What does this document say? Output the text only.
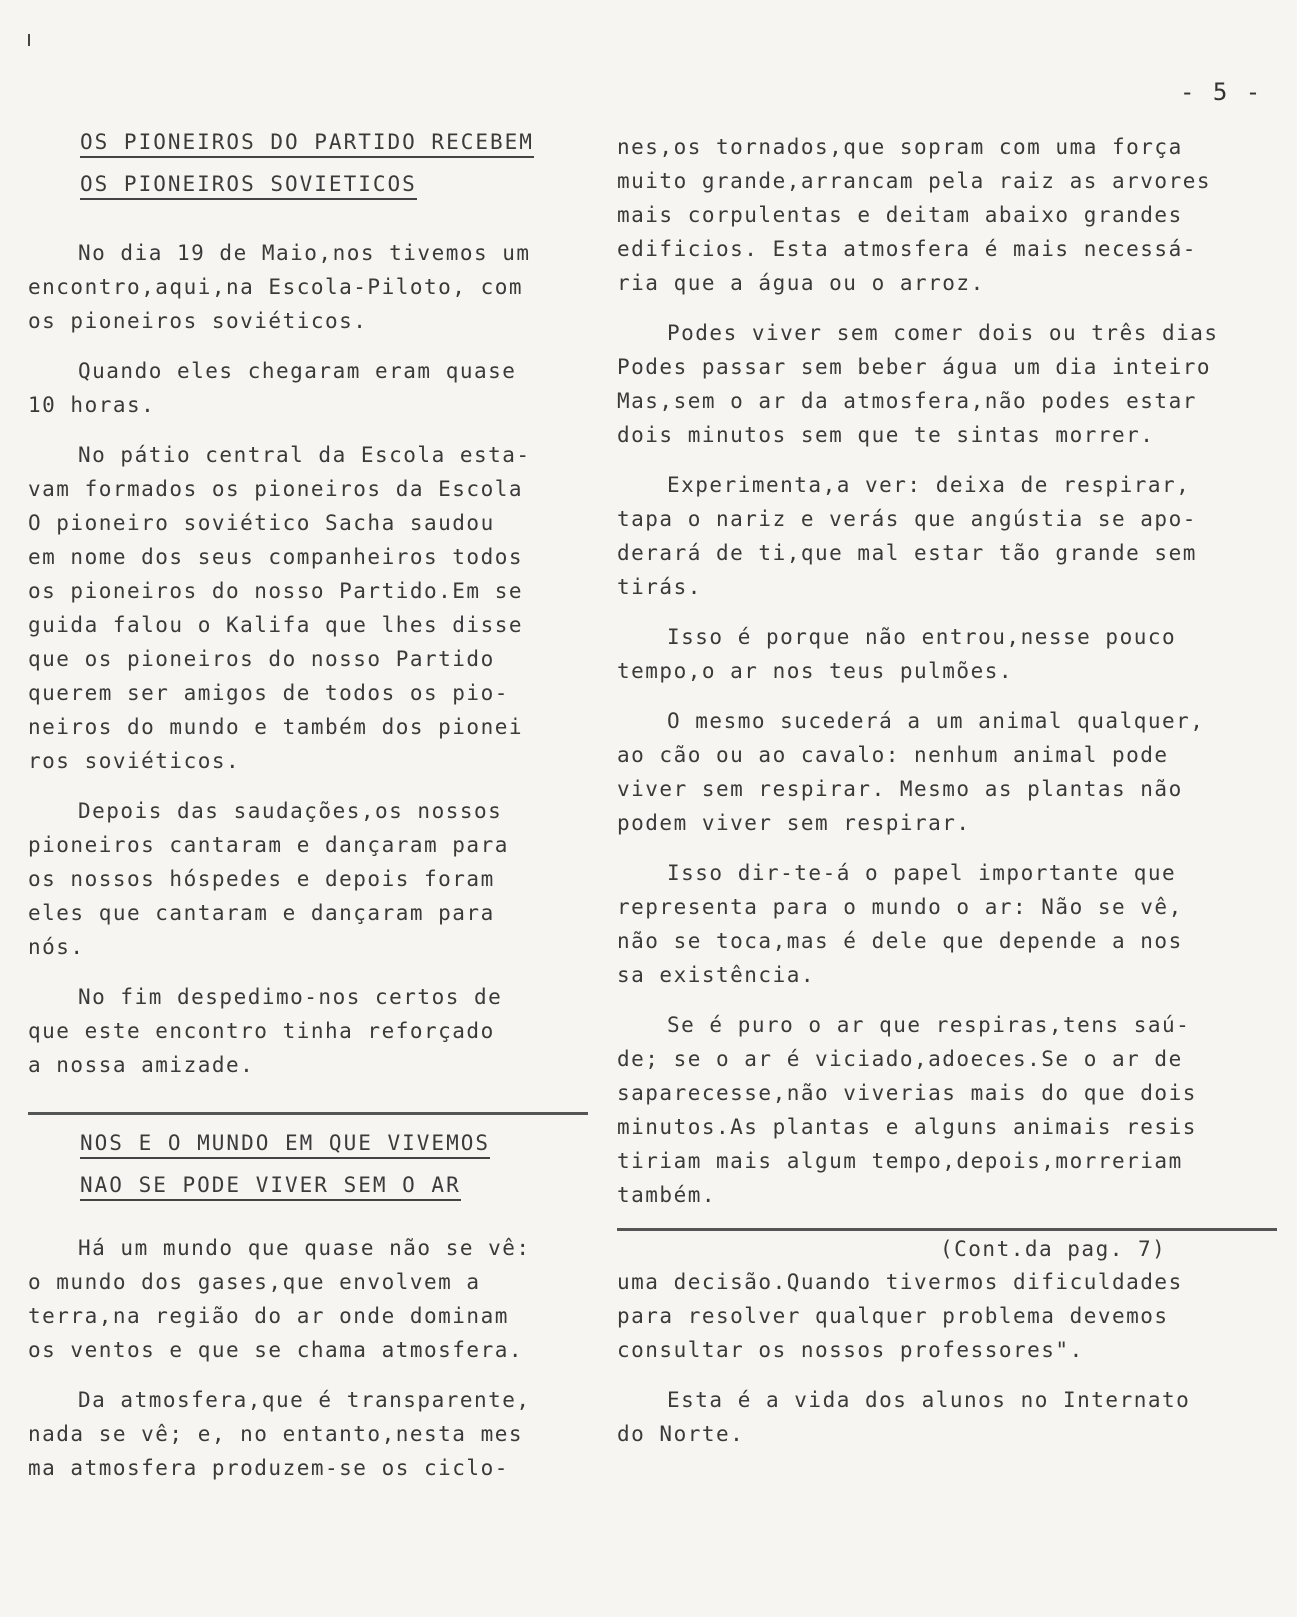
- 5 -
OS PIONEIROS DO PARTIDO RECEBEM
OS PIONEIROS SOVIETICOS

No dia 19 de Maio,nos tivemos um
encontro,aqui,na Escola-Piloto, com
os pioneiros soviéticos.

Quando eles chegaram eram quase
10 horas.

No pátio central da Escola esta-
vam formados os pioneiros da Escola
O pioneiro soviético Sacha saudou
em nome dos seus companheiros todos
os pioneiros do nosso Partido.Em se
guida falou o Kalifa que lhes disse
que os pioneiros do nosso Partido
querem ser amigos de todos os pio-
neiros do mundo e também dos pionei
ros soviéticos.

Depois das saudações,os nossos
pioneiros cantaram e dançaram para
os nossos hóspedes e depois foram
eles que cantaram e dançaram para
nós.

No fim despedimo-nos certos de
que este encontro tinha reforçado
a nossa amizade.

NOS E O MUNDO EM QUE VIVEMOS
NAO SE PODE VIVER SEM O AR

Há um mundo que quase não se vê:
o mundo dos gases,que envolvem a
terra,na região do ar onde dominam
os ventos e que se chama atmosfera.

Da atmosfera,que é transparente,
nada se vê; e, no entanto,nesta mes
ma atmosfera produzem-se os ciclo-

nes,os tornados,que sopram com uma força
muito grande,arrancam pela raiz as arvores
mais corpulentas e deitam abaixo grandes
edificios. Esta atmosfera é mais necessá-
ria que a água ou o arroz.

Podes viver sem comer dois ou três dias
Podes passar sem beber água um dia inteiro
Mas,sem o ar da atmosfera,não podes estar
dois minutos sem que te sintas morrer.

Experimenta,a ver: deixa de respirar,
tapa o nariz e verás que angústia se apo-
derará de ti,que mal estar tão grande sem
tirás.

Isso é porque não entrou,nesse pouco
tempo,o ar nos teus pulmões.

O mesmo sucederá a um animal qualquer,
ao cão ou ao cavalo: nenhum animal pode
viver sem respirar. Mesmo as plantas não
podem viver sem respirar.

Isso dir-te-á o papel importante que
representa para o mundo o ar: Não se vê,
não se toca,mas é dele que depende a nos
sa existência.

Se é puro o ar que respiras,tens saú-
de; se o ar é viciado,adoeces.Se o ar de
saparecesse,não viverias mais do que dois
minutos.As plantas e alguns animais resis
tiriam mais algum tempo,depois,morreriam
também.

(Cont.da pag. 7)

uma decisão.Quando tivermos dificuldades
para resolver qualquer problema devemos
consultar os nossos professores".

Esta é a vida dos alunos no Internato
do Norte.
